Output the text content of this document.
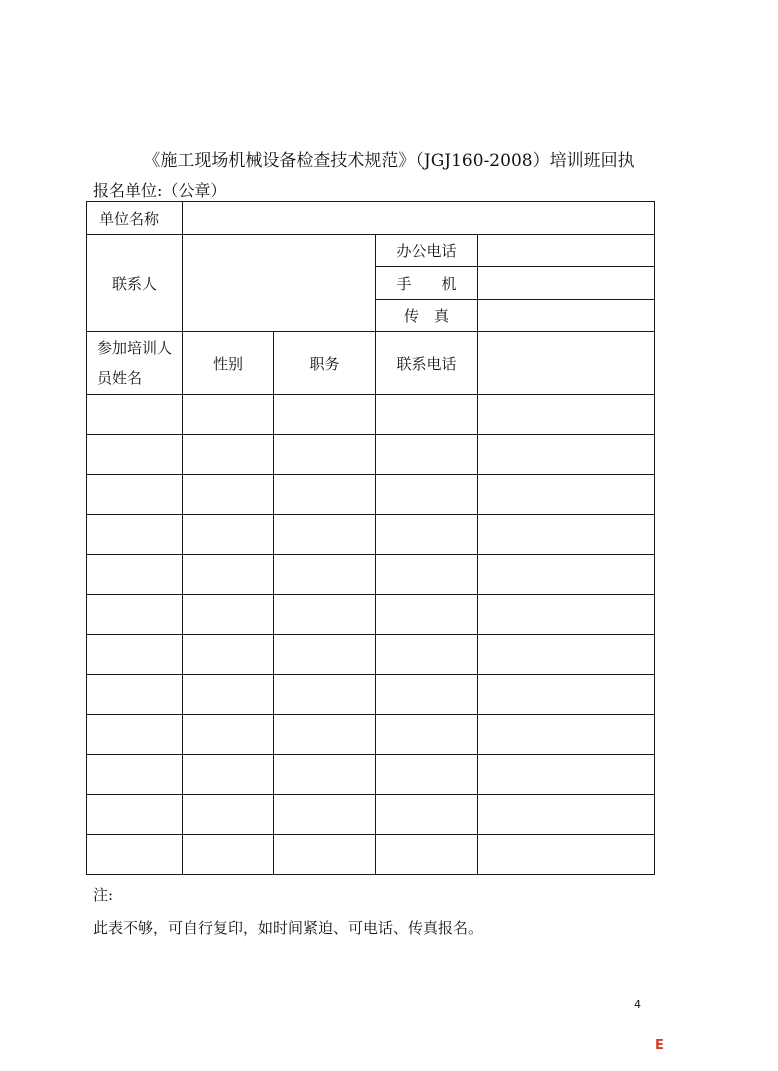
《施工现场机械设备检查技术规范》（JGJ160-2008）培训班回执
报名单位:（公章）
单位名称				
联系人			办公电话	
			手　　机	
			传　真	
参加培训人员姓名	性别	职务	联系电话	

注:
此表不够，可自行复印，如时间紧迫、可电话、传真报名。
4
E
